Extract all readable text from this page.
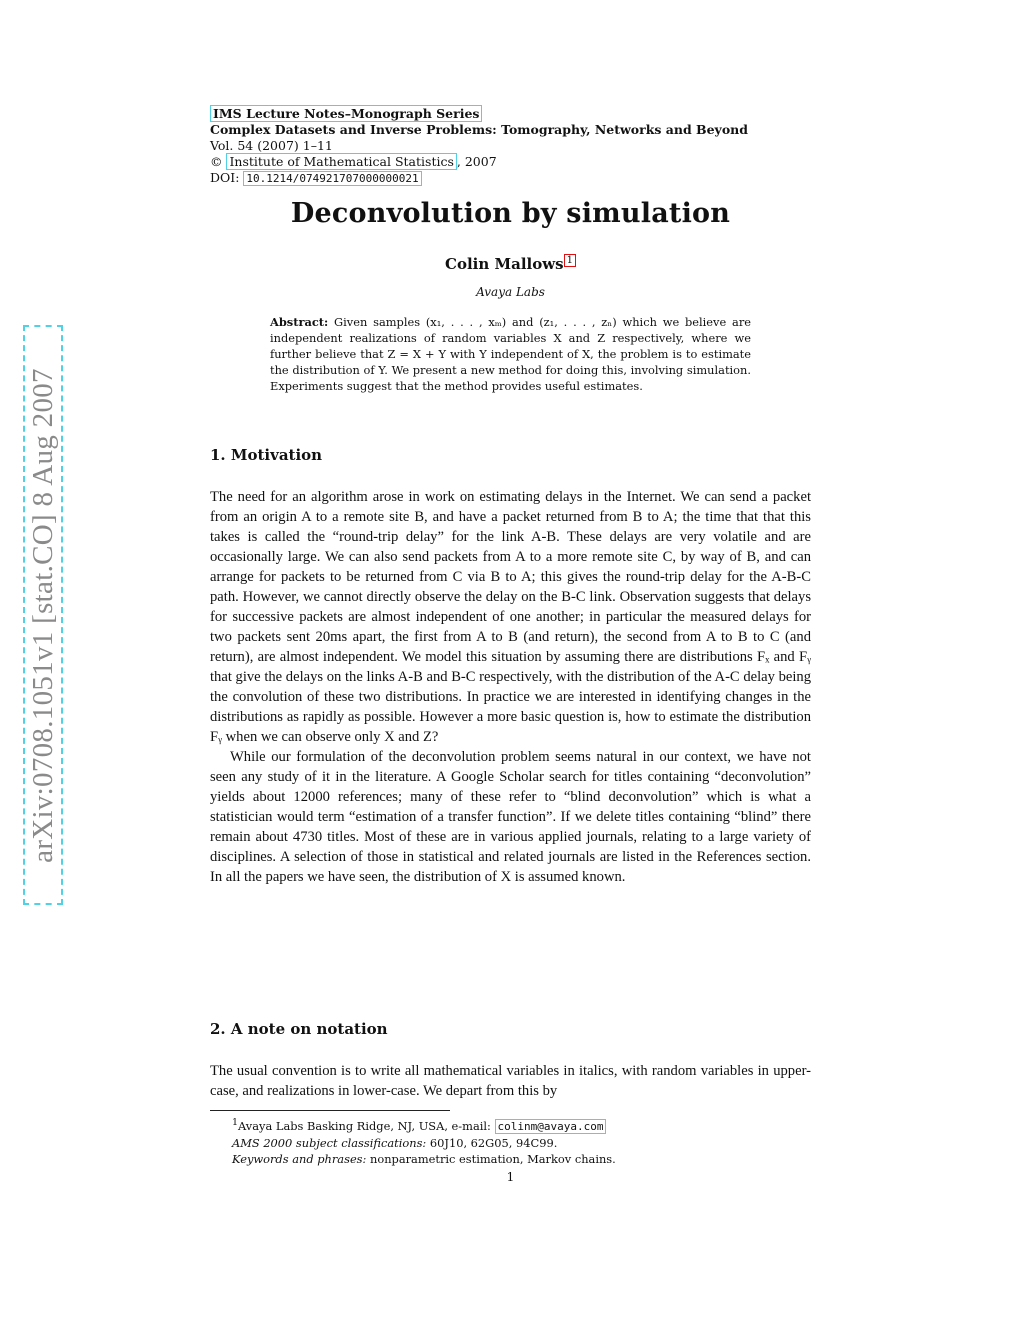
arXiv:0708.1051v1 [stat.CO] 8 Aug 2007
IMS Lecture Notes–Monograph Series
Complex Datasets and Inverse Problems: Tomography, Networks and Beyond
Vol. 54 (2007) 1–11
© Institute of Mathematical Statistics , 2007
DOI: 10.1214/074921707000000021
Deconvolution by simulation
Colin Mallows 1
Avaya Labs
Abstract: Given samples (x₁, . . . , xₘ) and (z₁, . . . , zₙ) which we believe are independent realizations of random variables X and Z respectively, where we further believe that Z = X + Y with Y independent of X, the problem is to estimate the distribution of Y. We present a new method for doing this, involving simulation. Experiments suggest that the method provides useful estimates.
1. Motivation

The need for an algorithm arose in work on estimating delays in the Internet. We can send a packet from an origin A to a remote site B, and have a packet returned from B to A; the time that that this takes is called the “round-trip delay” for the link A-B. These delays are very volatile and are occasionally large. We can also send packets from A to a more remote site C, by way of B, and can arrange for packets to be returned from C via B to A; this gives the round-trip delay for the A-B-C path. However, we cannot directly observe the delay on the B-C link. Observation suggests that delays for successive packets are almost independent of one another; in particular the measured delays for two packets sent 20ms apart, the first from A to B (and return), the second from A to B to C (and return), are almost independent. We model this situation by assuming there are distributions Fₓ and Fᵧ that give the delays on the links A-B and B-C respectively, with the distribution of the A-C delay being the convolution of these two distributions. In practice we are interested in identifying changes in the distributions as rapidly as possible. However a more basic question is, how to estimate the distribution Fᵧ when we can observe only X and Z?

While our formulation of the deconvolution problem seems natural in our context, we have not seen any study of it in the literature. A Google Scholar search for titles containing “deconvolution” yields about 12000 references; many of these refer to “blind deconvolution” which is what a statistician would term “estimation of a transfer function”. If we delete titles containing “blind” there remain about 4730 titles. Most of these are in various applied journals, relating to a large variety of disciplines. A selection of those in statistical and related journals are listed in the References section. In all the papers we have seen, the distribution of X is assumed known.

2. A note on notation

The usual convention is to write all mathematical variables in italics, with random variables in upper-case, and realizations in lower-case. We depart from this by

$^1$Avaya Labs Basking Ridge, NJ, USA, e-mail: colinm@avaya.com
AMS 2000 subject classifications: 60J10, 62G05, 94C99.
Keywords and phrases: nonparametric estimation, Markov chains.
1
